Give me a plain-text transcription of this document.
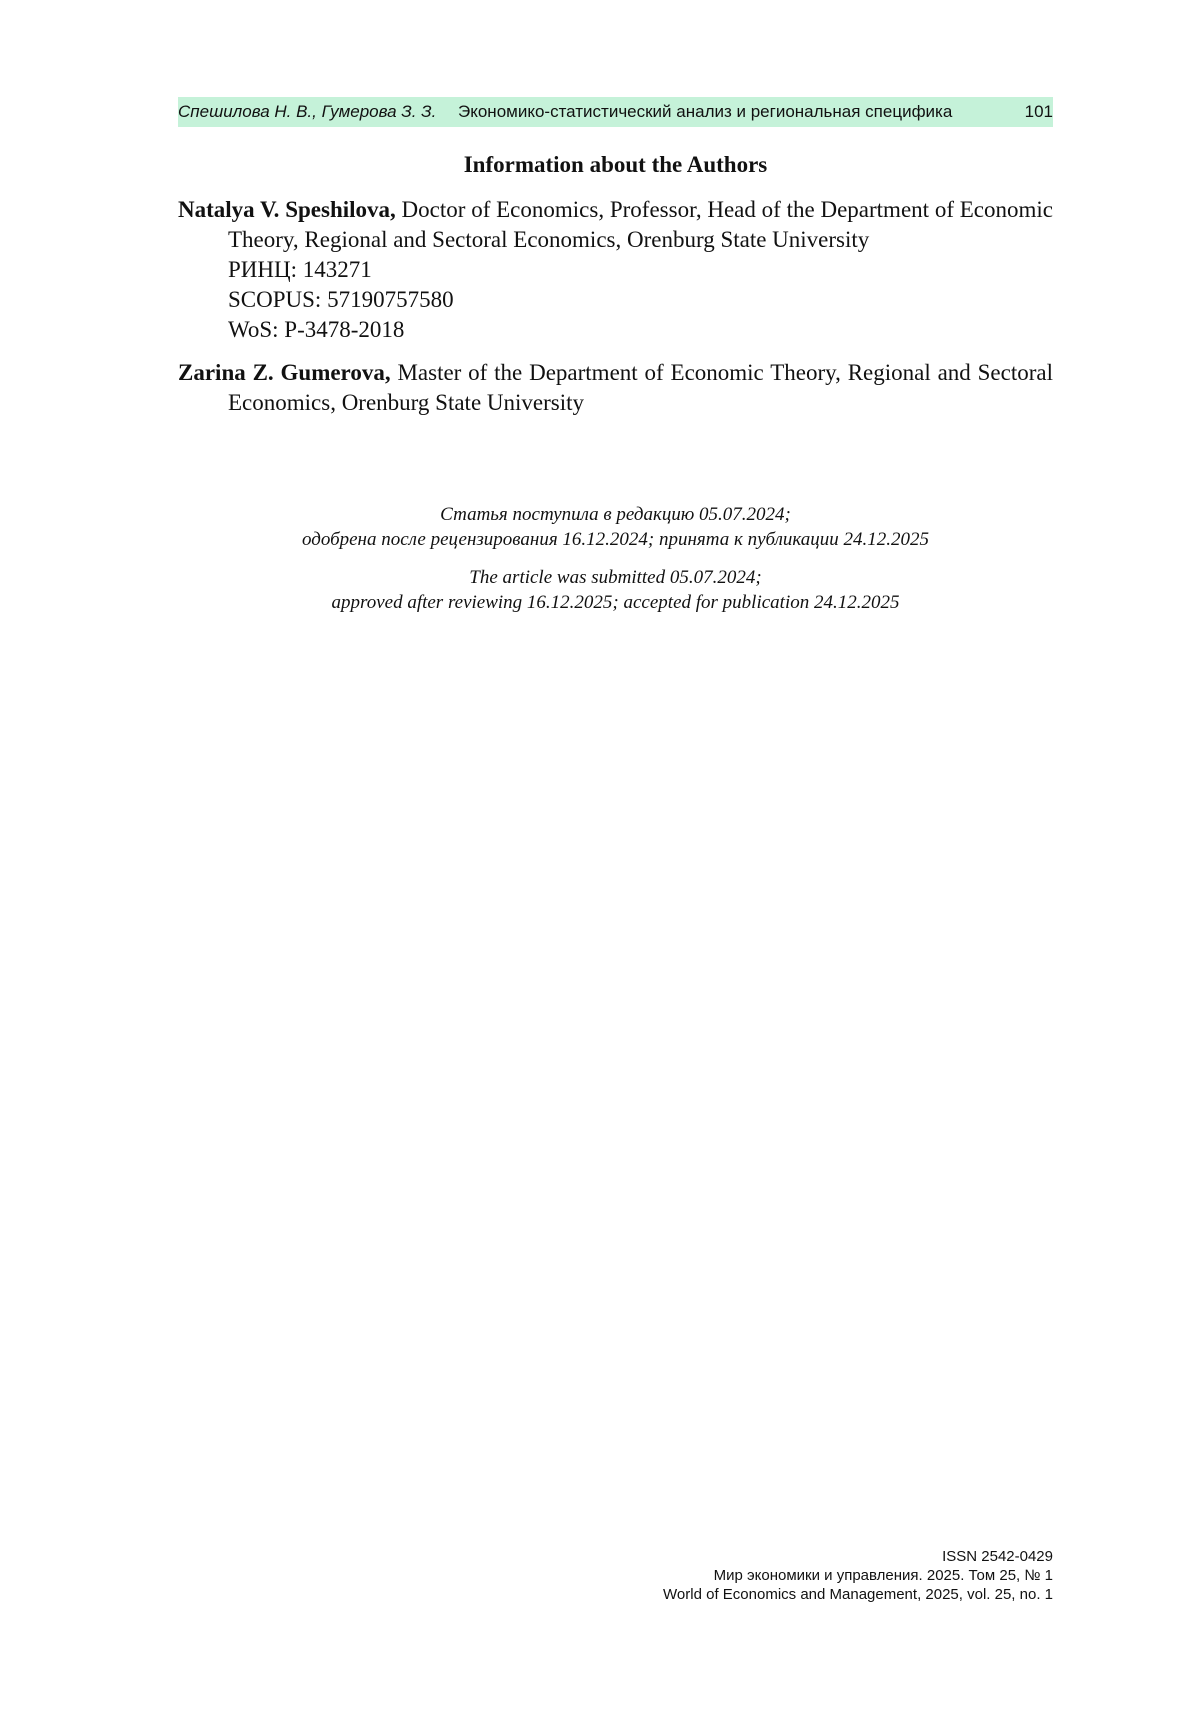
Спешилова Н. В., Гумерова З. З. Экономико-статистический анализ и региональная специфика	101
Information about the Authors

Natalya V. Speshilova, Doctor of Economics, Professor, Head of the Department of Economic Theory, Regional and Sectoral Economics, Orenburg State University

РИНЦ: 143271
SCOPUS: 57190757580
WoS: P-3478-2018

Zarina Z. Gumerova, Master of the Department of Economic Theory, Regional and Sectoral Economics, Orenburg State University

Статья поступила в редакцию 05.07.2024;
одобрена после рецензирования 16.12.2024; принята к публикации 24.12.2025
The article was submitted 05.07.2024;
approved after reviewing 16.12.2025; accepted for publication 24.12.2025
ISSN 2542-0429
Мир экономики и управления. 2025. Том 25, № 1
World of Economics and Management, 2025, vol. 25, no. 1
